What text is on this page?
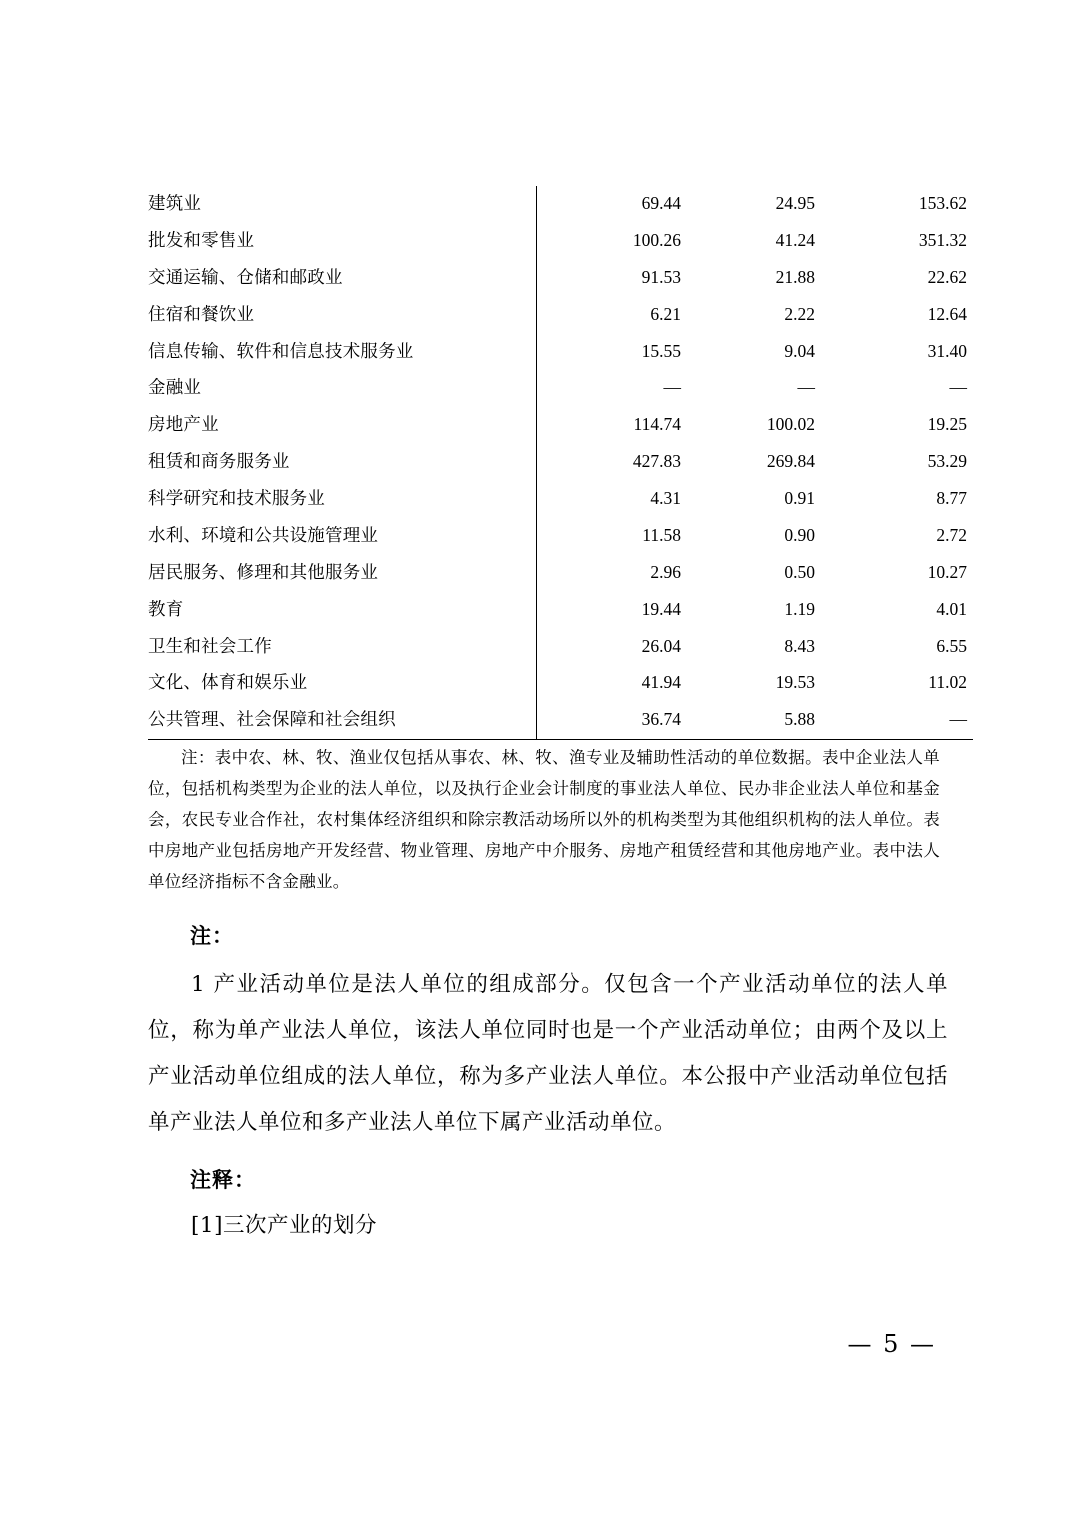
建筑业	69.44	24.95	153.62
批发和零售业	100.26	41.24	351.32
交通运输、仓储和邮政业	91.53	21.88	22.62
住宿和餐饮业	6.21	2.22	12.64
信息传输、软件和信息技术服务业	15.55	9.04	31.40
金融业	—	—	—
房地产业	114.74	100.02	19.25
租赁和商务服务业	427.83	269.84	53.29
科学研究和技术服务业	4.31	0.91	8.77
水利、环境和公共设施管理业	11.58	0.90	2.72
居民服务、修理和其他服务业	2.96	0.50	10.27
教育	19.44	1.19	4.01
卫生和社会工作	26.04	8.43	6.55
文化、体育和娱乐业	41.94	19.53	11.02
公共管理、社会保障和社会组织	36.74	5.88	—

注：表中农、林、牧、渔业仅包括从事农、林、牧、渔专业及辅助性活动的单位数据。表中企业法人单位，包括机构类型为企业的法人单位，以及执行企业会计制度的事业法人单位、民办非企业法人单位和基金会，农民专业合作社，农村集体经济组织和除宗教活动场所以外的机构类型为其他组织机构的法人单位。表中房地产业包括房地产开发经营、物业管理、房地产中介服务、房地产租赁经营和其他房地产业。表中法人单位经济指标不含金融业。

注：

1 产业活动单位是法人单位的组成部分。仅包含一个产业活动单位的法人单位，称为单产业法人单位，该法人单位同时也是一个产业活动单位；由两个及以上产业活动单位组成的法人单位，称为多产业法人单位。本公报中产业活动单位包括单产业法人单位和多产业法人单位下属产业活动单位。

注释：

[1]三次产业的划分

— 5 —
